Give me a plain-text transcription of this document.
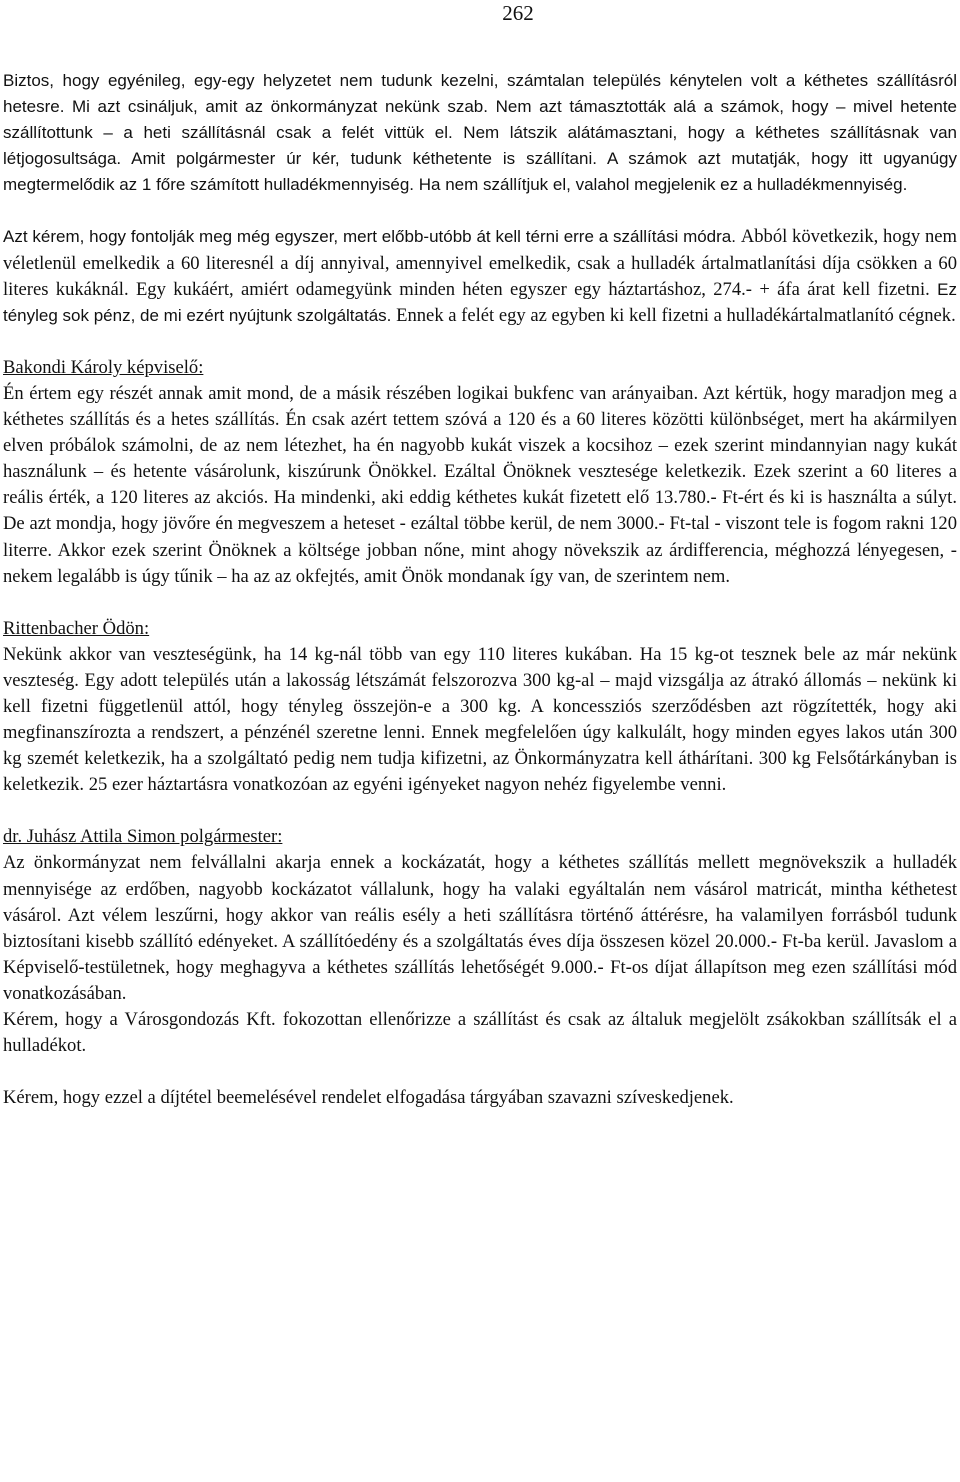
262

Biztos, hogy egyénileg, egy-egy helyzetet nem tudunk kezelni, számtalan település kénytelen volt a kéthetes szállításról hetesre. Mi azt csináljuk, amit az önkormányzat nekünk szab. Nem azt támasztották alá a számok, hogy – mivel hetente szállítottunk – a heti szállításnál csak a felét vittük el. Nem látszik alátámasztani, hogy a kéthetes szállításnak van létjogosultsága. Amit polgármester úr kér, tudunk kéthetente is szállítani. A számok azt mutatják, hogy itt ugyanúgy megtermelődik az 1 főre számított hulladékmennyiség. Ha nem szállítjuk el, valahol megjelenik ez a hulladékmennyiség.

Azt kérem, hogy fontolják meg még egyszer, mert előbb-utóbb át kell térni erre a szállítási módra. Abból következik, hogy nem véletlenül emelkedik a 60 literesnél a díj annyival, amennyivel emelkedik, csak a hulladék ártalmatlanítási díja csökken a 60 literes kukáknál. Egy kukáért, amiért odamegyünk minden héten egyszer egy háztartáshoz, 274.- + áfa árat kell fizetni. Ez tényleg sok pénz, de mi ezért nyújtunk szolgáltatás. Ennek a felét egy az egyben ki kell fizetni a hulladékártalmatlanító cégnek.

Bakondi Károly képviselő:

Én értem egy részét annak amit mond, de a másik részében logikai bukfenc van arányaiban. Azt kértük, hogy maradjon meg a kéthetes szállítás és a hetes szállítás. Én csak azért tettem szóvá a 120 és a 60 literes közötti különbséget, mert ha akármilyen elven próbálok számolni, de az nem létezhet, ha én nagyobb kukát viszek a kocsihoz – ezek szerint mindannyian nagy kukát használunk – és hetente vásárolunk, kiszúrunk Önökkel. Ezáltal Önöknek vesztesége keletkezik. Ezek szerint a 60 literes a reális érték, a 120 literes az akciós. Ha mindenki, aki eddig kéthetes kukát fizetett elő 13.780.- Ft-ért és ki is használta a súlyt. De azt mondja, hogy jövőre én megveszem a heteset - ezáltal többe kerül, de nem 3000.- Ft-tal - viszont tele is fogom rakni 120 literre. Akkor ezek szerint Önöknek a költsége jobban nőne, mint ahogy növekszik az árdifferencia, méghozzá lényegesen, - nekem legalább is úgy tűnik – ha az az okfejtés, amit Önök mondanak így van, de szerintem nem.

Rittenbacher Ödön:

Nekünk akkor van veszteségünk, ha 14 kg-nál több van egy 110 literes kukában. Ha 15 kg-ot tesznek bele az már nekünk veszteség. Egy adott település után a lakosság létszámát felszorozva 300 kg-al – majd vizsgálja az átrakó állomás – nekünk ki kell fizetni függetlenül attól, hogy tényleg összejön-e a 300 kg. A koncessziós szerződésben azt rögzítették, hogy aki megfinanszírozta a rendszert, a pénzénél szeretne lenni. Ennek megfelelően úgy kalkulált, hogy minden egyes lakos után 300 kg szemét keletkezik, ha a szolgáltató pedig nem tudja kifizetni, az Önkormányzatra kell áthárítani. 300 kg Felsőtárkányban is keletkezik. 25 ezer háztartásra vonatkozóan az egyéni igényeket nagyon nehéz figyelembe venni.

dr. Juhász Attila Simon polgármester:

Az önkormányzat nem felvállalni akarja ennek a kockázatát, hogy a kéthetes szállítás mellett megnövekszik a hulladék mennyisége az erdőben, nagyobb kockázatot vállalunk, hogy ha valaki egyáltalán nem vásárol matricát, mintha kéthetest vásárol. Azt vélem leszűrni, hogy akkor van reális esély a heti szállításra történő áttérésre, ha valamilyen forrásból tudunk biztosítani kisebb szállító edényeket. A szállítóedény és a szolgáltatás éves díja összesen közel 20.000.- Ft-ba kerül. Javaslom a Képviselő-testületnek, hogy meghagyva a kéthetes szállítás lehetőségét 9.000.- Ft-os díjat állapítson meg ezen szállítási mód vonatkozásában.

Kérem, hogy a Városgondozás Kft. fokozottan ellenőrizze a szállítást és csak az általuk megjelölt zsákokban szállítsák el a hulladékot.

Kérem, hogy ezzel a díjtétel beemelésével rendelet elfogadása tárgyában szavazni szíveskedjenek.
